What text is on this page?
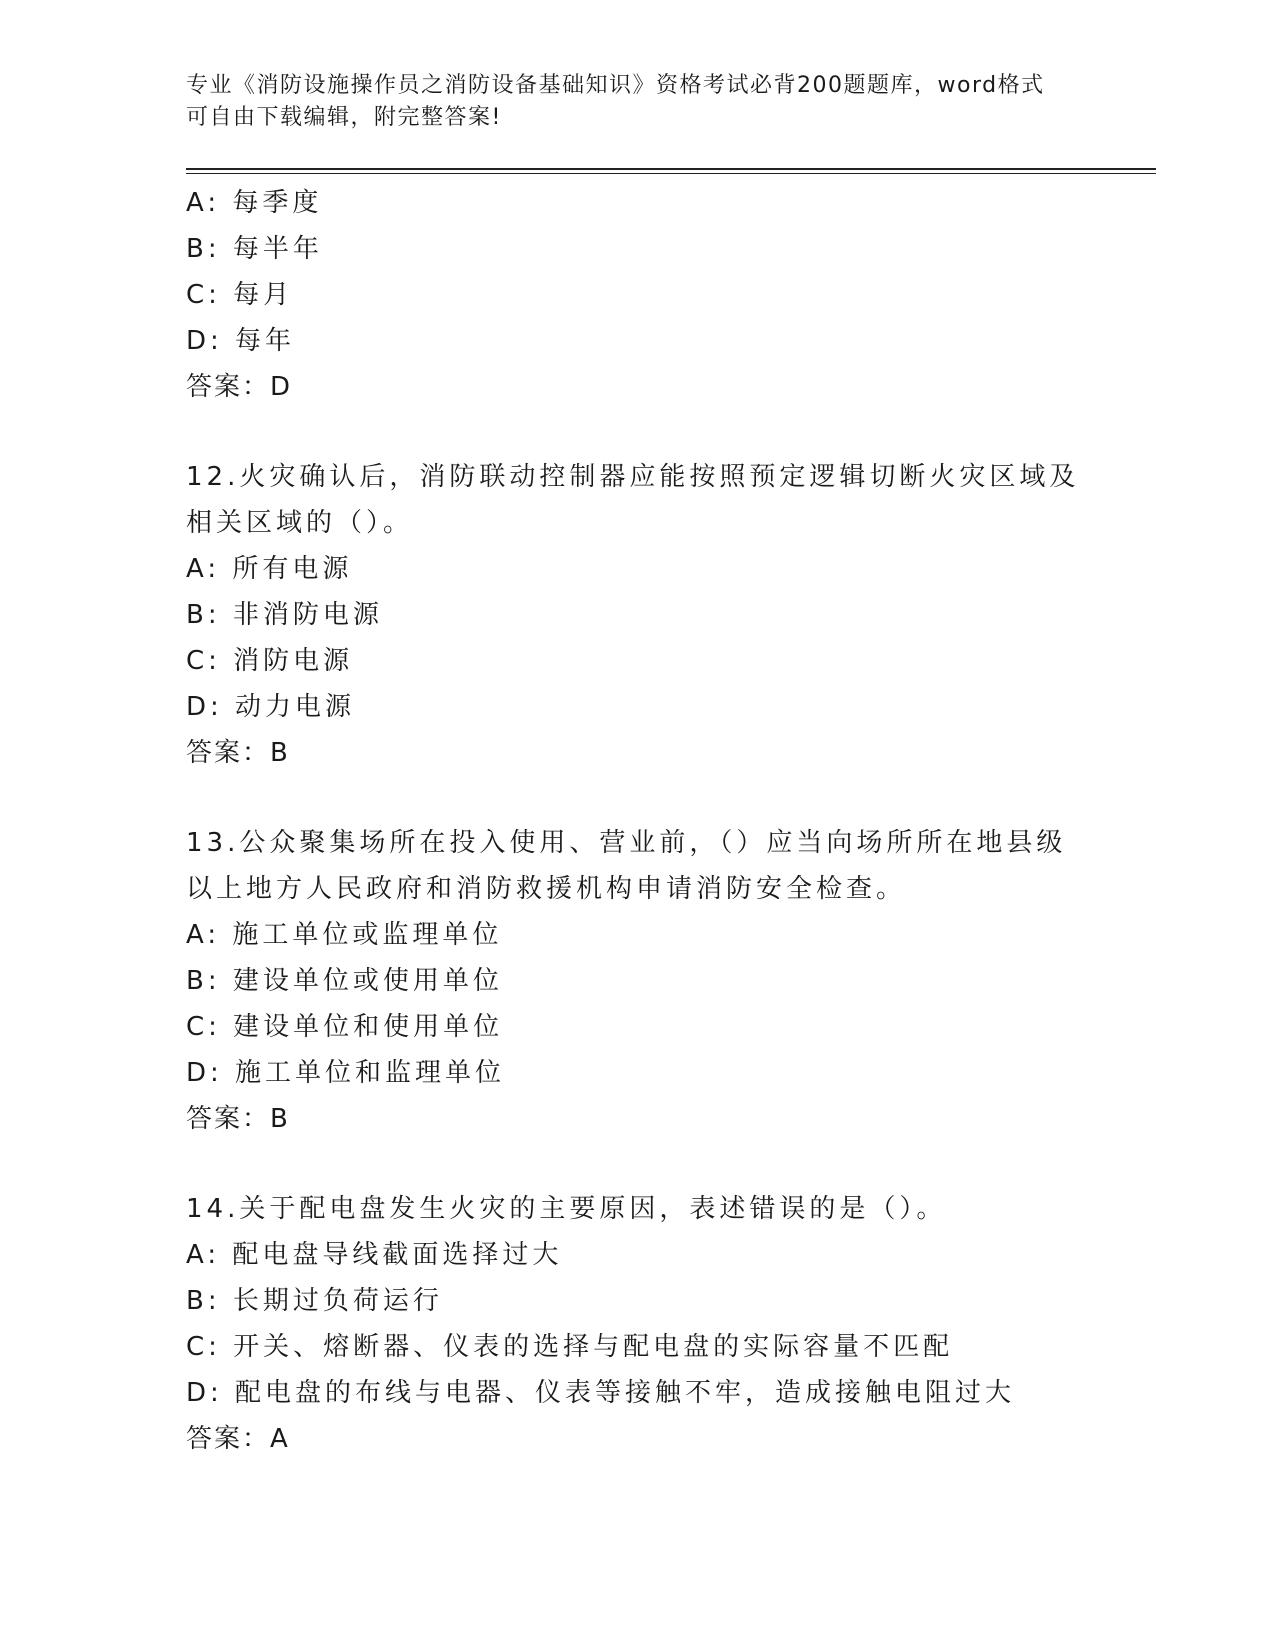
专业《消防设施操作员之消防设备基础知识》资格考试必背200题题库，word格式可自由下载编辑，附完整答案!

A: 每季度

B: 每半年

C: 每月

D: 每年

答案：D

12.火灾确认后，消防联动控制器应能按照预定逻辑切断火灾区域及相关区域的（）。

A: 所有电源

B: 非消防电源

C: 消防电源

D: 动力电源

答案：B

13.公众聚集场所在投入使用、营业前，（）应当向场所所在地县级以上地方人民政府和消防救援机构申请消防安全检查。

A: 施工单位或监理单位

B: 建设单位或使用单位

C: 建设单位和使用单位

D: 施工单位和监理单位

答案：B

14.关于配电盘发生火灾的主要原因，表述错误的是（）。

A: 配电盘导线截面选择过大

B: 长期过负荷运行

C: 开关、熔断器、仪表的选择与配电盘的实际容量不匹配

D: 配电盘的布线与电器、仪表等接触不牢，造成接触电阻过大

答案：A
